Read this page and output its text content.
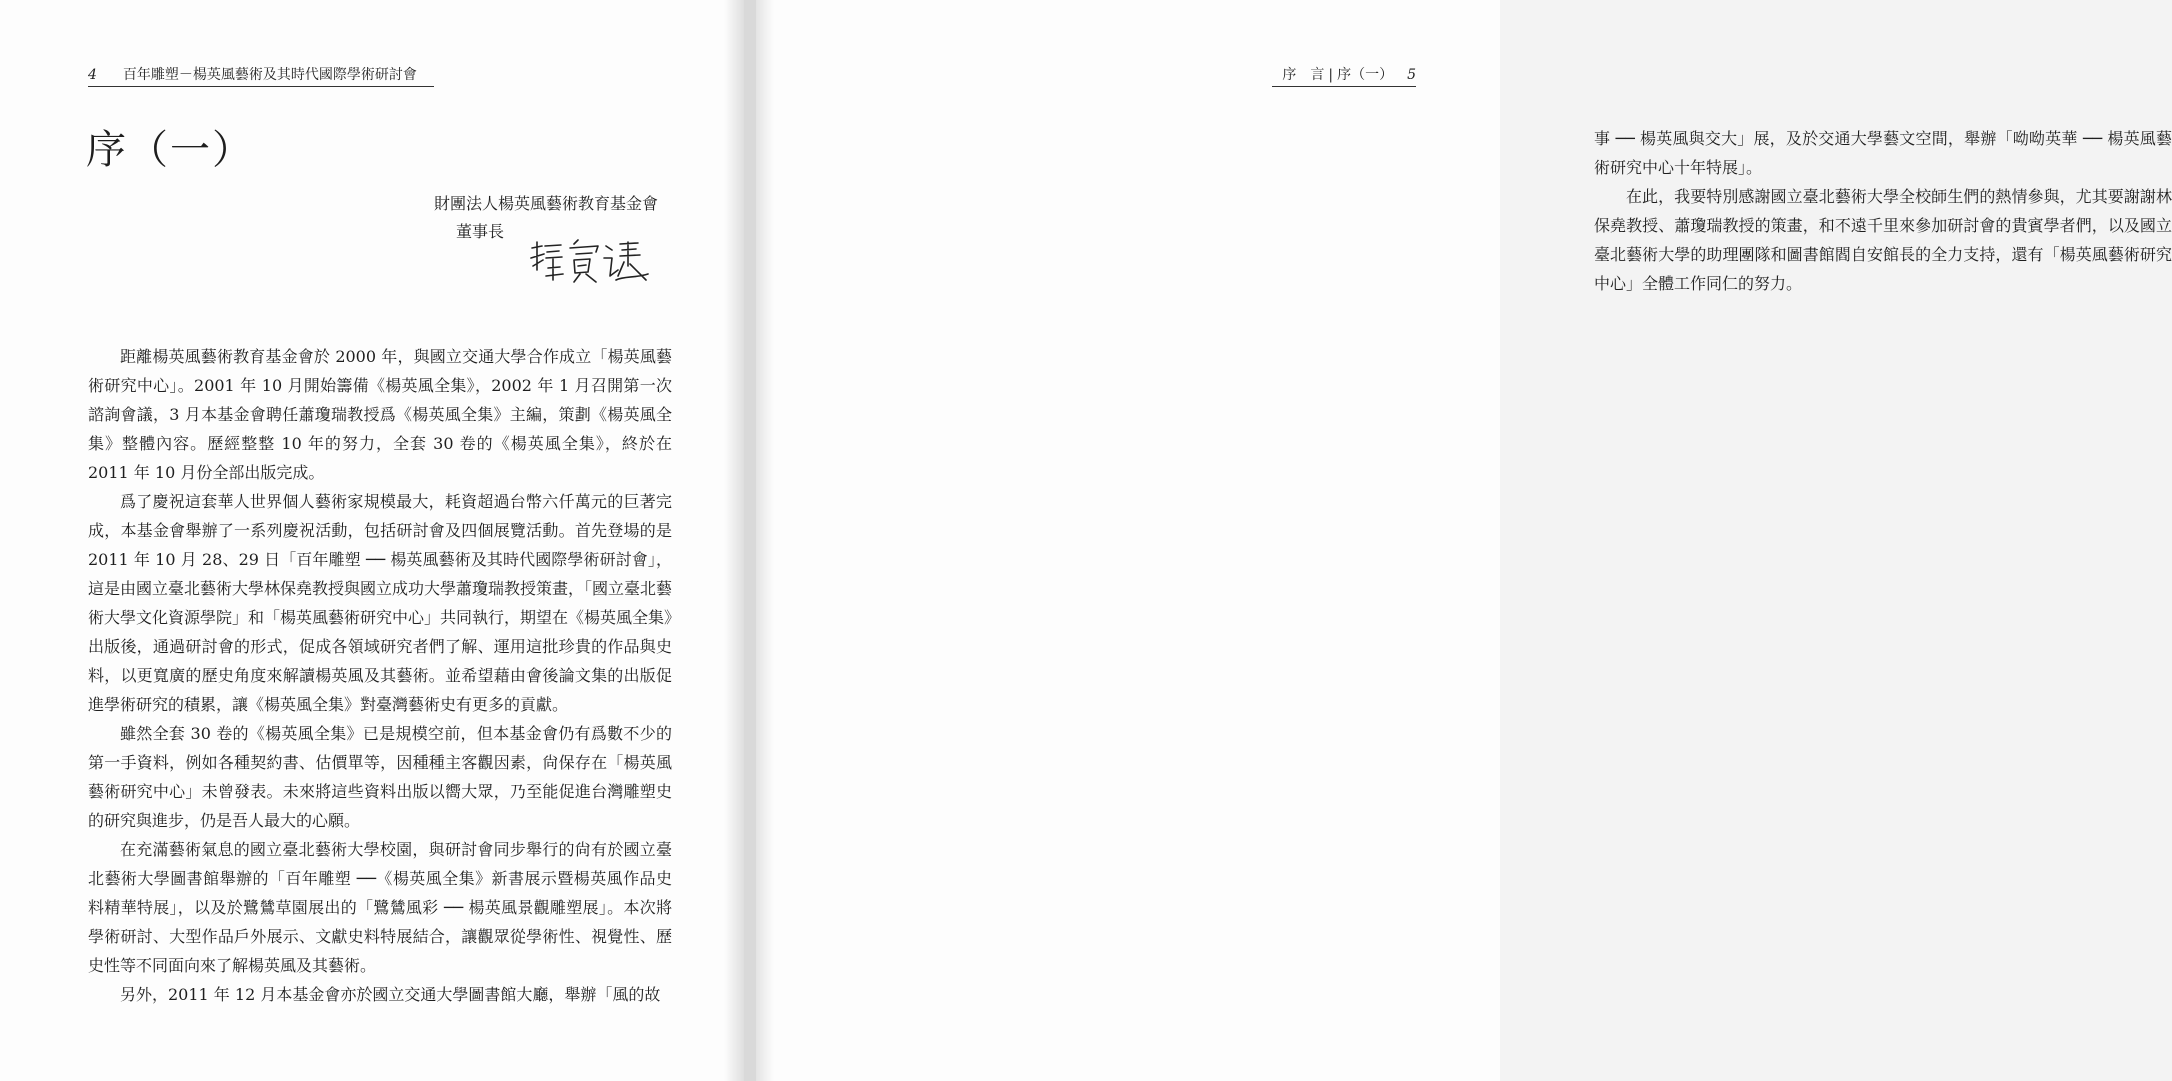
4 百年雕塑－楊英風藝術及其時代國際學術研討會
序（一）
財團法人楊英風藝術教育基金會
董事長

距離楊英風藝術教育基金會於 2000 年，與國立交通大學合作成立「楊英風藝術研究中心」。2001 年 10 月開始籌備《楊英風全集》，2002 年 1 月召開第一次諮詢會議，3 月本基金會聘任蕭瓊瑞教授爲《楊英風全集》主編，策劃《楊英風全集》整體內容。歷經整整 10 年的努力，全套 30 卷的《楊英風全集》，終於在 2011 年 10 月份全部出版完成。

爲了慶祝這套華人世界個人藝術家規模最大，耗資超過台幣六仟萬元的巨著完成，本基金會舉辦了一系列慶祝活動，包括研討會及四個展覽活動。首先登場的是 2011 年 10 月 28、29 日「百年雕塑 ── 楊英風藝術及其時代國際學術研討會」，這是由國立臺北藝術大學林保堯教授與國立成功大學蕭瓊瑞教授策畫，「國立臺北藝術大學文化資源學院」和「楊英風藝術研究中心」共同執行，期望在《楊英風全集》出版後，通過研討會的形式，促成各領域研究者們了解、運用這批珍貴的作品與史料，以更寬廣的歷史角度來解讀楊英風及其藝術。並希望藉由會後論文集的出版促進學術研究的積累，讓《楊英風全集》對臺灣藝術史有更多的貢獻。

雖然全套 30 卷的《楊英風全集》已是規模空前，但本基金會仍有爲數不少的第一手資料，例如各種契約書、估價單等，因種種主客觀因素，尙保存在「楊英風藝術研究中心」未曾發表。未來將這些資料出版以嚮大眾，乃至能促進台灣雕塑史的研究與進步，仍是吾人最大的心願。

在充滿藝術氣息的國立臺北藝術大學校園，與研討會同步舉行的尙有於國立臺北藝術大學圖書館舉辦的「百年雕塑 ──《楊英風全集》新書展示暨楊英風作品史料精華特展」，以及於鷺鷥草園展出的「鷺鷥風彩 ── 楊英風景觀雕塑展」。本次將學術研討、大型作品戶外展示、文獻史料特展結合，讓觀眾從學術性、視覺性、歷史性等不同面向來了解楊英風及其藝術。

另外，2011 年 12 月本基金會亦於國立交通大學圖書館大廳，舉辦「風的故

事 ── 楊英風與交大」展，及於交通大學藝文空間，舉辦「呦呦英華 ── 楊英風藝術研究中心十年特展」。

在此，我要特別感謝國立臺北藝術大學全校師生們的熱情參與，尤其要謝謝林保堯教授、蕭瓊瑞教授的策畫，和不遠千里來參加研討會的貴賓學者們，以及國立臺北藝術大學的助理團隊和圖書館閻自安館長的全力支持，還有「楊英風藝術研究中心」全體工作同仁的努力。

序　言 | 序（一） 5
